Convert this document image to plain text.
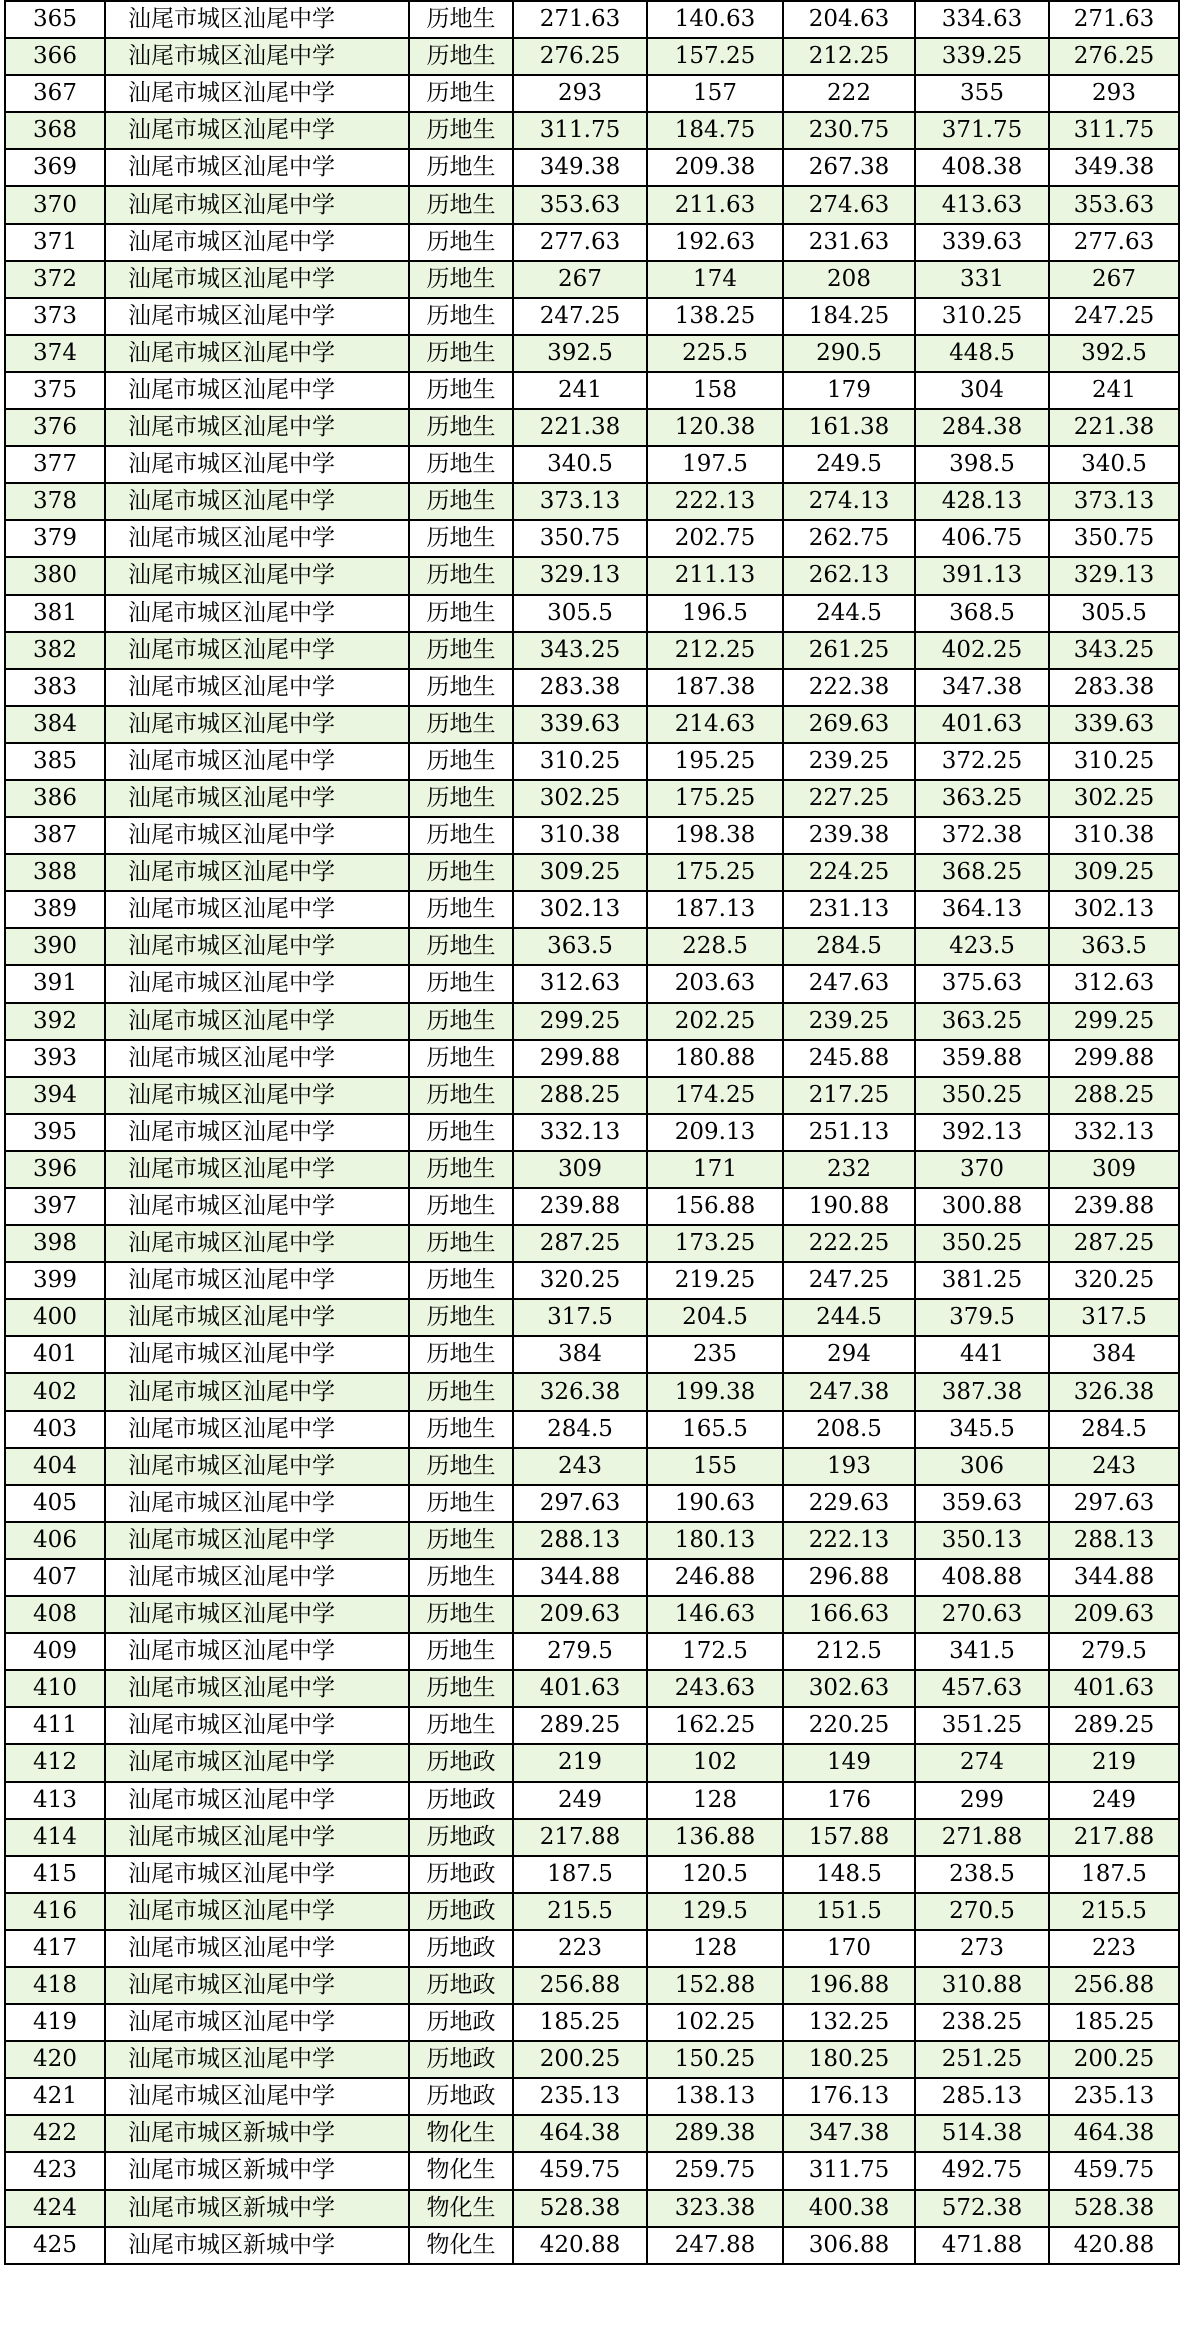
365	汕尾市城区汕尾中学	历地生	271.63	140.63	204.63	334.63	271.63
366	汕尾市城区汕尾中学	历地生	276.25	157.25	212.25	339.25	276.25
367	汕尾市城区汕尾中学	历地生	293	157	222	355	293
368	汕尾市城区汕尾中学	历地生	311.75	184.75	230.75	371.75	311.75
369	汕尾市城区汕尾中学	历地生	349.38	209.38	267.38	408.38	349.38
370	汕尾市城区汕尾中学	历地生	353.63	211.63	274.63	413.63	353.63
371	汕尾市城区汕尾中学	历地生	277.63	192.63	231.63	339.63	277.63
372	汕尾市城区汕尾中学	历地生	267	174	208	331	267
373	汕尾市城区汕尾中学	历地生	247.25	138.25	184.25	310.25	247.25
374	汕尾市城区汕尾中学	历地生	392.5	225.5	290.5	448.5	392.5
375	汕尾市城区汕尾中学	历地生	241	158	179	304	241
376	汕尾市城区汕尾中学	历地生	221.38	120.38	161.38	284.38	221.38
377	汕尾市城区汕尾中学	历地生	340.5	197.5	249.5	398.5	340.5
378	汕尾市城区汕尾中学	历地生	373.13	222.13	274.13	428.13	373.13
379	汕尾市城区汕尾中学	历地生	350.75	202.75	262.75	406.75	350.75
380	汕尾市城区汕尾中学	历地生	329.13	211.13	262.13	391.13	329.13
381	汕尾市城区汕尾中学	历地生	305.5	196.5	244.5	368.5	305.5
382	汕尾市城区汕尾中学	历地生	343.25	212.25	261.25	402.25	343.25
383	汕尾市城区汕尾中学	历地生	283.38	187.38	222.38	347.38	283.38
384	汕尾市城区汕尾中学	历地生	339.63	214.63	269.63	401.63	339.63
385	汕尾市城区汕尾中学	历地生	310.25	195.25	239.25	372.25	310.25
386	汕尾市城区汕尾中学	历地生	302.25	175.25	227.25	363.25	302.25
387	汕尾市城区汕尾中学	历地生	310.38	198.38	239.38	372.38	310.38
388	汕尾市城区汕尾中学	历地生	309.25	175.25	224.25	368.25	309.25
389	汕尾市城区汕尾中学	历地生	302.13	187.13	231.13	364.13	302.13
390	汕尾市城区汕尾中学	历地生	363.5	228.5	284.5	423.5	363.5
391	汕尾市城区汕尾中学	历地生	312.63	203.63	247.63	375.63	312.63
392	汕尾市城区汕尾中学	历地生	299.25	202.25	239.25	363.25	299.25
393	汕尾市城区汕尾中学	历地生	299.88	180.88	245.88	359.88	299.88
394	汕尾市城区汕尾中学	历地生	288.25	174.25	217.25	350.25	288.25
395	汕尾市城区汕尾中学	历地生	332.13	209.13	251.13	392.13	332.13
396	汕尾市城区汕尾中学	历地生	309	171	232	370	309
397	汕尾市城区汕尾中学	历地生	239.88	156.88	190.88	300.88	239.88
398	汕尾市城区汕尾中学	历地生	287.25	173.25	222.25	350.25	287.25
399	汕尾市城区汕尾中学	历地生	320.25	219.25	247.25	381.25	320.25
400	汕尾市城区汕尾中学	历地生	317.5	204.5	244.5	379.5	317.5
401	汕尾市城区汕尾中学	历地生	384	235	294	441	384
402	汕尾市城区汕尾中学	历地生	326.38	199.38	247.38	387.38	326.38
403	汕尾市城区汕尾中学	历地生	284.5	165.5	208.5	345.5	284.5
404	汕尾市城区汕尾中学	历地生	243	155	193	306	243
405	汕尾市城区汕尾中学	历地生	297.63	190.63	229.63	359.63	297.63
406	汕尾市城区汕尾中学	历地生	288.13	180.13	222.13	350.13	288.13
407	汕尾市城区汕尾中学	历地生	344.88	246.88	296.88	408.88	344.88
408	汕尾市城区汕尾中学	历地生	209.63	146.63	166.63	270.63	209.63
409	汕尾市城区汕尾中学	历地生	279.5	172.5	212.5	341.5	279.5
410	汕尾市城区汕尾中学	历地生	401.63	243.63	302.63	457.63	401.63
411	汕尾市城区汕尾中学	历地生	289.25	162.25	220.25	351.25	289.25
412	汕尾市城区汕尾中学	历地政	219	102	149	274	219
413	汕尾市城区汕尾中学	历地政	249	128	176	299	249
414	汕尾市城区汕尾中学	历地政	217.88	136.88	157.88	271.88	217.88
415	汕尾市城区汕尾中学	历地政	187.5	120.5	148.5	238.5	187.5
416	汕尾市城区汕尾中学	历地政	215.5	129.5	151.5	270.5	215.5
417	汕尾市城区汕尾中学	历地政	223	128	170	273	223
418	汕尾市城区汕尾中学	历地政	256.88	152.88	196.88	310.88	256.88
419	汕尾市城区汕尾中学	历地政	185.25	102.25	132.25	238.25	185.25
420	汕尾市城区汕尾中学	历地政	200.25	150.25	180.25	251.25	200.25
421	汕尾市城区汕尾中学	历地政	235.13	138.13	176.13	285.13	235.13
422	汕尾市城区新城中学	物化生	464.38	289.38	347.38	514.38	464.38
423	汕尾市城区新城中学	物化生	459.75	259.75	311.75	492.75	459.75
424	汕尾市城区新城中学	物化生	528.38	323.38	400.38	572.38	528.38
425	汕尾市城区新城中学	物化生	420.88	247.88	306.88	471.88	420.88
